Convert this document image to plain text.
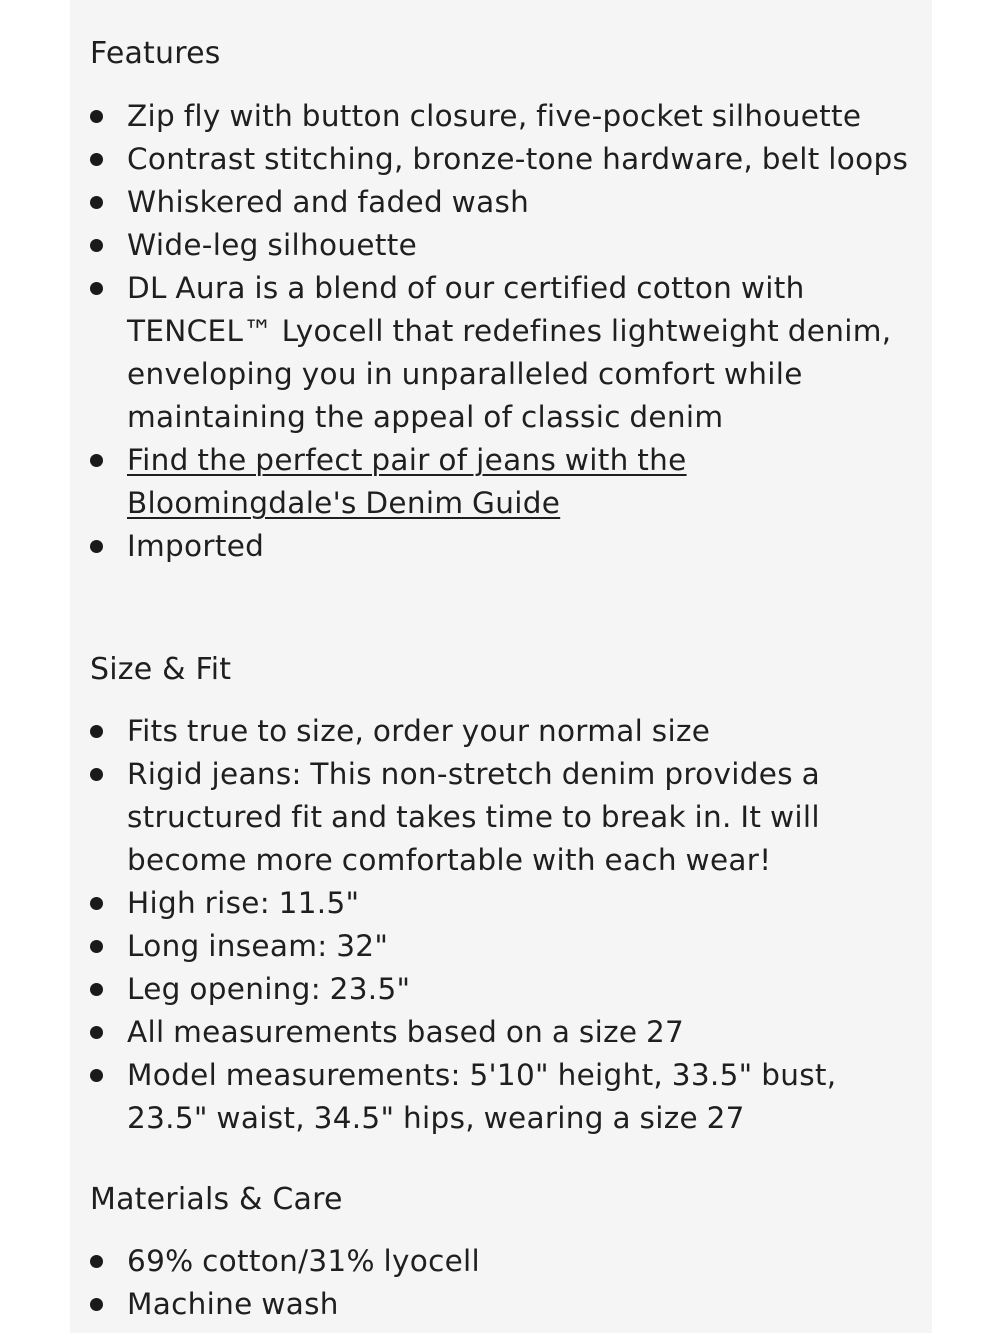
Features
Zip fly with button closure, five-pocket silhouette
Contrast stitching, bronze-tone hardware, belt loops
Whiskered and faded wash
Wide-leg silhouette
DL Aura is a blend of our certified cotton with TENCEL™ Lyocell that redefines lightweight denim, enveloping you in unparalleled comfort while maintaining the appeal of classic denim
Find the perfect pair of jeans with the Bloomingdale's Denim Guide
Imported
Size & Fit
Fits true to size, order your normal size
Rigid jeans: This non-stretch denim provides a structured fit and takes time to break in. It will become more comfortable with each wear!
High rise: 11.5"
Long inseam: 32"
Leg opening: 23.5"
All measurements based on a size 27
Model measurements: 5'10" height, 33.5" bust, 23.5" waist, 34.5" hips, wearing a size 27
Materials & Care
69% cotton/31% lyocell
Machine wash
